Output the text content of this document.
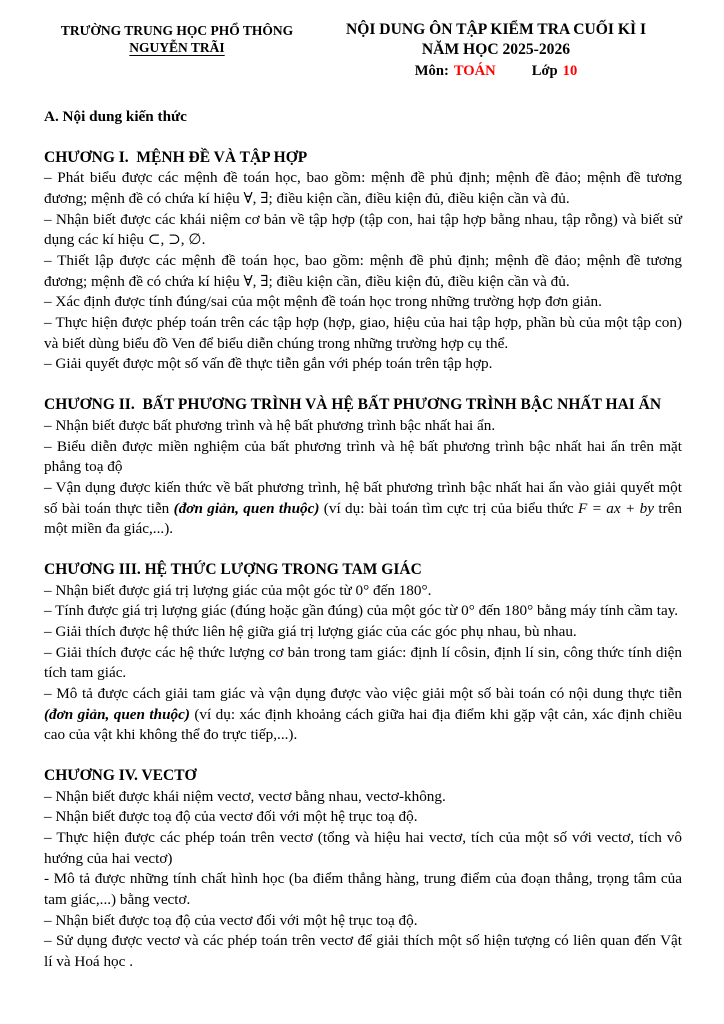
TRƯỜNG TRUNG HỌC PHỔ THÔNG
NGUYỄN TRÃI
NỘI DUNG ÔN TẬP KIỂM TRA CUỐI KÌ I
NĂM HỌC 2025-2026
Môn: TOÁN Lớp 10

A. Nội dung kiến thức

CHƯƠNG I.  MỆNH ĐỀ VÀ TẬP HỢP

– Phát biểu được các mệnh đề toán học, bao gồm: mệnh đề phủ định; mệnh đề đảo; mệnh đề tương đương; mệnh đề có chứa kí hiệu ∀, ∃; điều kiện cần, điều kiện đủ, điều kiện cần và đủ.

– Nhận biết được các khái niệm cơ bản về tập hợp (tập con, hai tập hợp bằng nhau, tập rỗng) và biết sử dụng các kí hiệu ⊂, ⊃, ∅.

– Thiết lập được các mệnh đề toán học, bao gồm: mệnh đề phủ định; mệnh đề đảo; mệnh đề tương đương; mệnh đề có chứa kí hiệu ∀, ∃; điều kiện cần, điều kiện đủ, điều kiện cần và đủ.

– Xác định được tính đúng/sai của một mệnh đề toán học trong những trường hợp đơn giản.

– Thực hiện được phép toán trên các tập hợp (hợp, giao, hiệu của hai tập hợp, phần bù của một tập con) và biết dùng biểu đồ Ven để biểu diễn chúng trong những trường hợp cụ thể.

– Giải quyết được một số vấn đề thực tiễn gắn với phép toán trên tập hợp.

CHƯƠNG II.  BẤT PHƯƠNG TRÌNH VÀ HỆ BẤT PHƯƠNG TRÌNH BẬC NHẤT HAI ẨN

– Nhận biết được bất phương trình và hệ bất phương trình bậc nhất hai ẩn.

– Biểu diễn được miền nghiệm của bất phương trình và hệ bất phương trình bậc nhất hai ẩn trên mặt phẳng toạ độ

– Vận dụng được kiến thức về bất phương trình, hệ bất phương trình bậc nhất hai ẩn vào giải quyết một số bài toán thực tiễn (đơn giản, quen thuộc) (ví dụ: bài toán tìm cực trị của biểu thức F = ax + by trên một miền đa giác,...).

CHƯƠNG III. HỆ THỨC LƯỢNG TRONG TAM GIÁC

– Nhận biết được giá trị lượng giác của một góc từ 0° đến 180°.

– Tính được giá trị lượng giác (đúng hoặc gần đúng) của một góc từ 0° đến 180° bằng máy tính cầm tay.

– Giải thích được hệ thức liên hệ giữa giá trị lượng giác của các góc phụ nhau, bù nhau.

– Giải thích được các hệ thức lượng cơ bản trong tam giác: định lí côsin, định lí sin, công thức tính diện tích tam giác.

– Mô tả được cách giải tam giác và vận dụng được vào việc giải một số bài toán có nội dung thực tiễn (đơn giản, quen thuộc) (ví dụ: xác định khoảng cách giữa hai địa điểm khi gặp vật cản, xác định chiều cao của vật khi không thể đo trực tiếp,...).

CHƯƠNG IV. VECTƠ

– Nhận biết được khái niệm vectơ, vectơ bằng nhau, vectơ-không.

– Nhận biết được toạ độ của vectơ đối với một hệ trục toạ độ.

– Thực hiện được các phép toán trên vectơ (tổng và hiệu hai vectơ, tích của một số với vectơ, tích vô hướng của hai vectơ)

- Mô tả được những tính chất hình học (ba điểm thẳng hàng, trung điểm của đoạn thẳng, trọng tâm của tam giác,...) bằng vectơ.

– Nhận biết được toạ độ của vectơ đối với một hệ trục toạ độ.

– Sử dụng được vectơ và các phép toán trên vectơ để giải thích một số hiện tượng có liên quan đến Vật lí và Hoá học .
